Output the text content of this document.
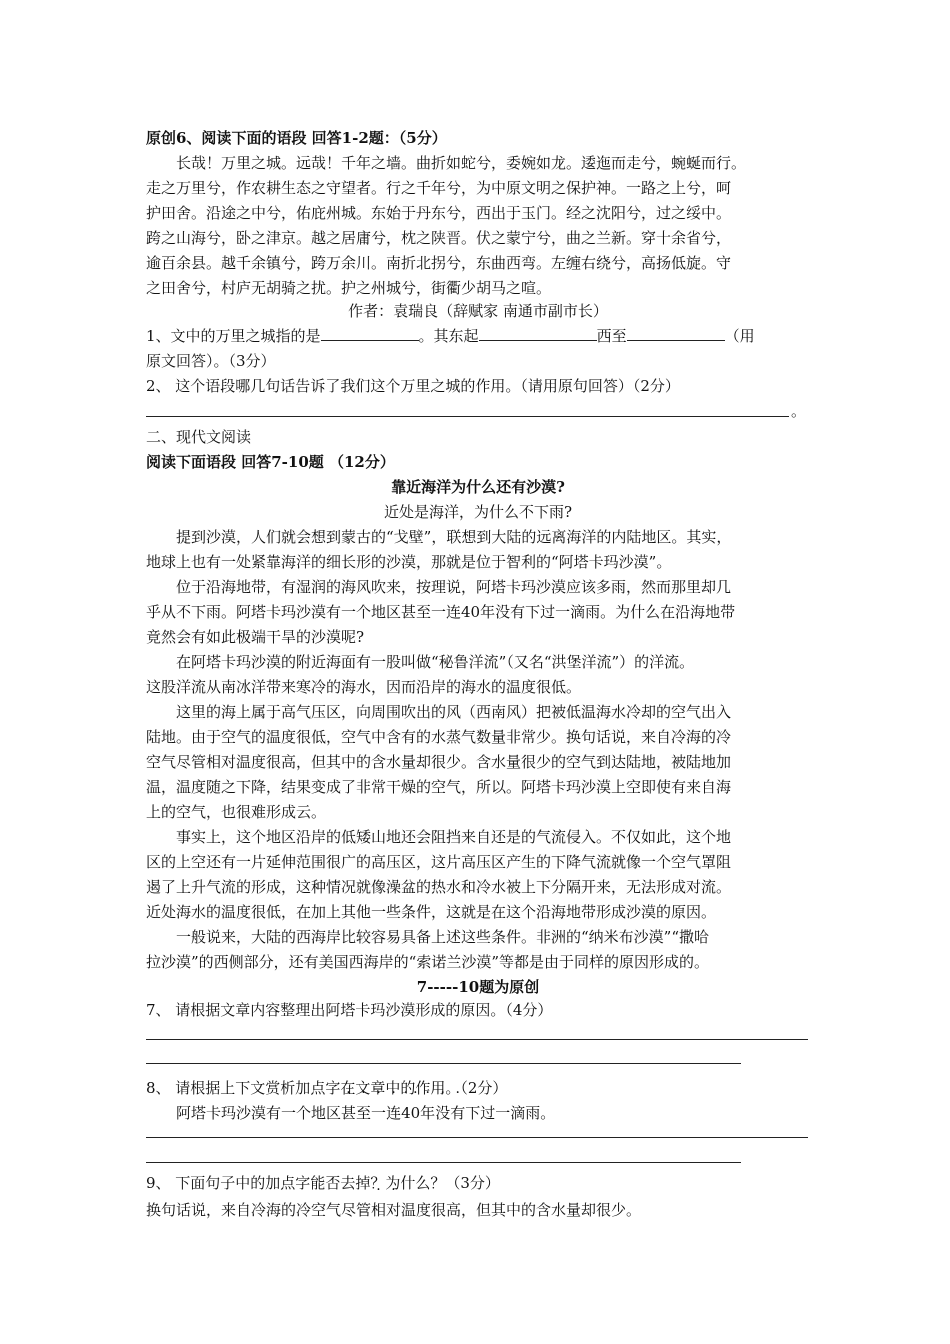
原创6、阅读下面的语段 回答1-2题：（5分）
长哉！万里之城。远哉！千年之墙。曲折如蛇兮，委婉如龙。逶迤而走兮，蜿蜒而行。
走之万里兮，作农耕生态之守望者。行之千年兮，为中原文明之保护神。一路之上兮，呵
护田舍。沿途之中兮，佑庇州城。东始于丹东兮，西出于玉门。经之沈阳兮，过之绥中。
跨之山海兮，卧之津京。越之居庸兮，枕之陕晋。伏之蒙宁兮，曲之兰新。穿十余省兮，
逾百余县。越千余镇兮，跨万余川。南折北拐兮，东曲西弯。左缠右绕兮，高扬低旋。守
之田舍兮，村庐无胡骑之扰。护之州城兮，街衢少胡马之喧。
作者：袁瑞良（辞赋家 南通市副市长）
1、文中的万里之城指的是	。其东起	西至	（用
原文回答）。（3分）
2、 这个语段哪几句话告诉了我们这个万里之城的作用。（请用原句回答）（2分）
。
二、现代文阅读
阅读下面语段 回答7-10题 （12分）
靠近海洋为什么还有沙漠?
近处是海洋，为什么不下雨?
提到沙漠，人们就会想到蒙古的“戈壁”，联想到大陆的远离海洋的内陆地区。其实，
地球上也有一处紧靠海洋的细长形的沙漠，那就是位于智利的“阿塔卡玛沙漠”。
位于沿海地带，有湿润的海风吹来，按理说，阿塔卡玛沙漠应该多雨，然而那里却几
乎从不下雨。阿塔卡玛沙漠有一个地区甚至一连40年没有下过一滴雨。为什么在沿海地带
竟然会有如此极端干旱的沙漠呢?
在阿塔卡玛沙漠的附近海面有一股叫做“秘鲁洋流”（又名“洪堡洋流”）的洋流。
这股洋流从南冰洋带来寒冷的海水，因而沿岸的海水的温度很低。
这里的海上属于高气压区，向周围吹出的风（西南风）把被低温海水冷却的空气出入
陆地。由于空气的温度很低，空气中含有的水蒸气数量非常少。换句话说，来自冷海的冷
空气尽管相对温度很高，但其中的含水量却很少。含水量很少的空气到达陆地，被陆地加
温，温度随之下降，结果变成了非常干燥的空气，所以。阿塔卡玛沙漠上空即使有来自海
上的空气，也很难形成云。
事实上，这个地区沿岸的低矮山地还会阻挡来自还是的气流侵入。不仅如此，这个地
区的上空还有一片延伸范围很广的高压区，这片高压区产生的下降气流就像一个空气罩阻
遏了上升气流的形成，这种情况就像澡盆的热水和冷水被上下分隔开来，无法形成对流。
近处海水的温度很低，在加上其他一些条件，这就是在这个沿海地带形成沙漠的原因。
一般说来，大陆的西海岸比较容易具备上述这些条件。非洲的“纳米布沙漠”“撒哈
拉沙漠”的西侧部分，还有美国西海岸的“索诺兰沙漠”等都是由于同样的原因形成的。
7-----10题为原创
7、 请根据文章内容整理出阿塔卡玛沙漠形成的原因。（4分）
8、 请根据上下文赏析加点字在文章中的作用。（2分）
阿塔卡玛沙漠有一个地区甚至一连4 ·0 ·年没有下过一滴雨。
9、 下面句子中的加点字能否去掉？为什么？（3分）
换句话说，来自冷海的冷空气尽管相对温度很高，但其中的含水量却很少。
